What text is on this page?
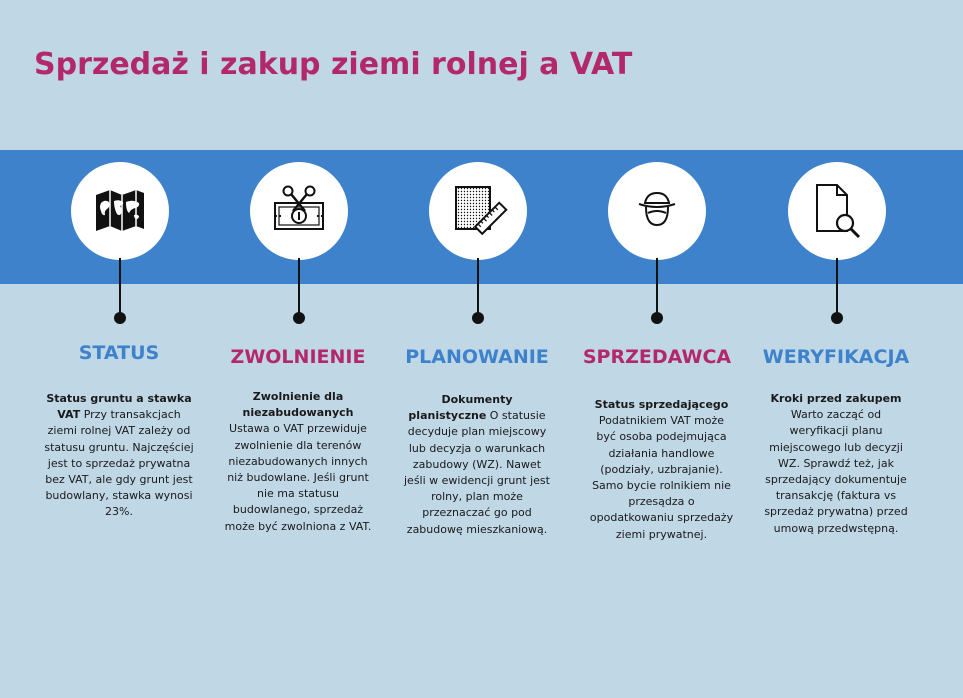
Sprzedaż i zakup ziemi rolnej a VAT
STATUS

Status gruntu a stawka VAT Przy transakcjach ziemi rolnej VAT zależy od statusu gruntu. Najczęściej jest to sprzedaż prywatna bez VAT, ale gdy grunt jest budowlany, stawka wynosi 23%.

ZWOLNIENIE

Zwolnienie dla niezabudowanych
Ustawa o VAT przewiduje zwolnienie dla terenów niezabudowanych innych niż budowlane. Jeśli grunt nie ma statusu budowlanego, sprzedaż może być zwolniona z VAT.

PLANOWANIE

Dokumenty planistyczne O statusie decyduje plan miejscowy lub decyzja o warunkach zabudowy (WZ). Nawet jeśli w ewidencji grunt jest rolny, plan może przeznaczać go pod zabudowę mieszkaniową.

SPRZEDAWCA

Status sprzedającego
Podatnikiem VAT może być osoba podejmująca działania handlowe (podziały, uzbrajanie). Samo bycie rolnikiem nie przesądza o opodatkowaniu sprzedaży ziemi prywatnej.

WERYFIKACJA

Kroki przed zakupem
Warto zacząć od weryfikacji planu miejscowego lub decyzji WZ. Sprawdź też, jak sprzedający dokumentuje transakcję (faktura vs sprzedaż prywatna) przed umową przedwstępną.
